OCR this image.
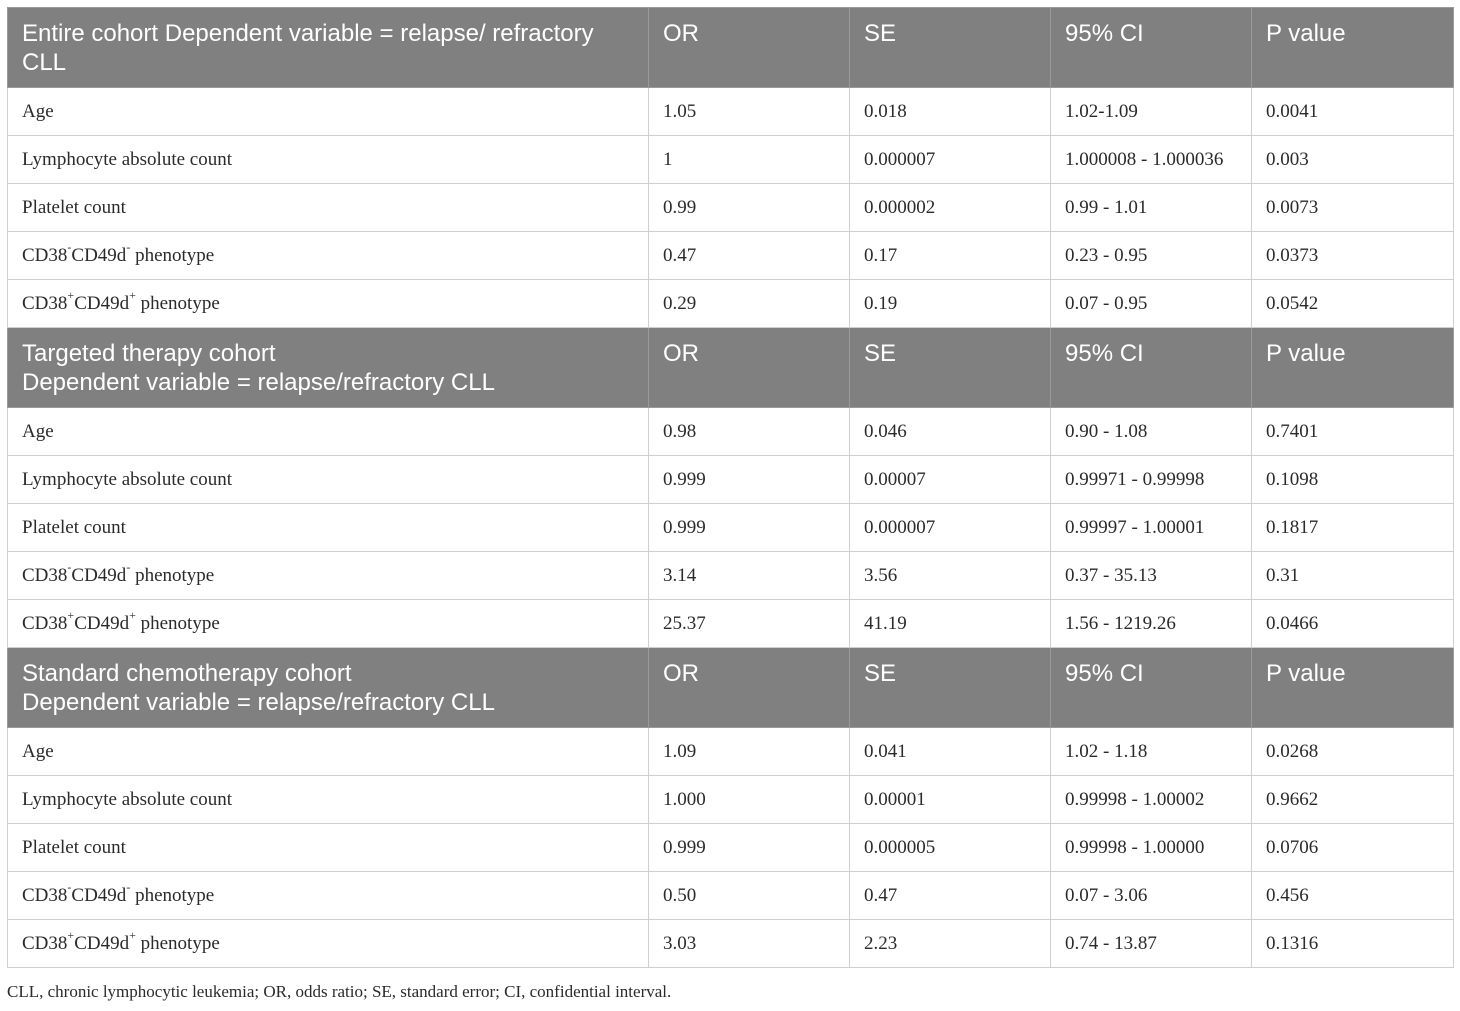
Entire cohort Dependent variable = relapse/ refractory CLL	OR	SE	95% CI	P value
Age	1.05	0.018	1.02-1.09	0.0041
Lymphocyte absolute count	1	0.000007	1.000008 - 1.000036	0.003
Platelet count	0.99	0.000002	0.99 - 1.01	0.0073
CD38-CD49d- phenotype	0.47	0.17	0.23 - 0.95	0.0373
CD38+CD49d+ phenotype	0.29	0.19	0.07 - 0.95	0.0542
Targeted therapy cohort
Dependent variable = relapse/refractory CLL	OR	SE	95% CI	P value
Age	0.98	0.046	0.90 - 1.08	0.7401
Lymphocyte absolute count	0.999	0.00007	0.99971 - 0.99998	0.1098
Platelet count	0.999	0.000007	0.99997 - 1.00001	0.1817
CD38-CD49d- phenotype	3.14	3.56	0.37 - 35.13	0.31
CD38+CD49d+ phenotype	25.37	41.19	1.56 - 1219.26	0.0466
Standard chemotherapy cohort
Dependent variable = relapse/refractory CLL	OR	SE	95% CI	P value
Age	1.09	0.041	1.02 - 1.18	0.0268
Lymphocyte absolute count	1.000	0.00001	0.99998 - 1.00002	0.9662
Platelet count	0.999	0.000005	0.99998 - 1.00000	0.0706
CD38-CD49d- phenotype	0.50	0.47	0.07 - 3.06	0.456
CD38+CD49d+ phenotype	3.03	2.23	0.74 - 13.87	0.1316
CLL, chronic lymphocytic leukemia; OR, odds ratio; SE, standard error; CI, confidential interval.
